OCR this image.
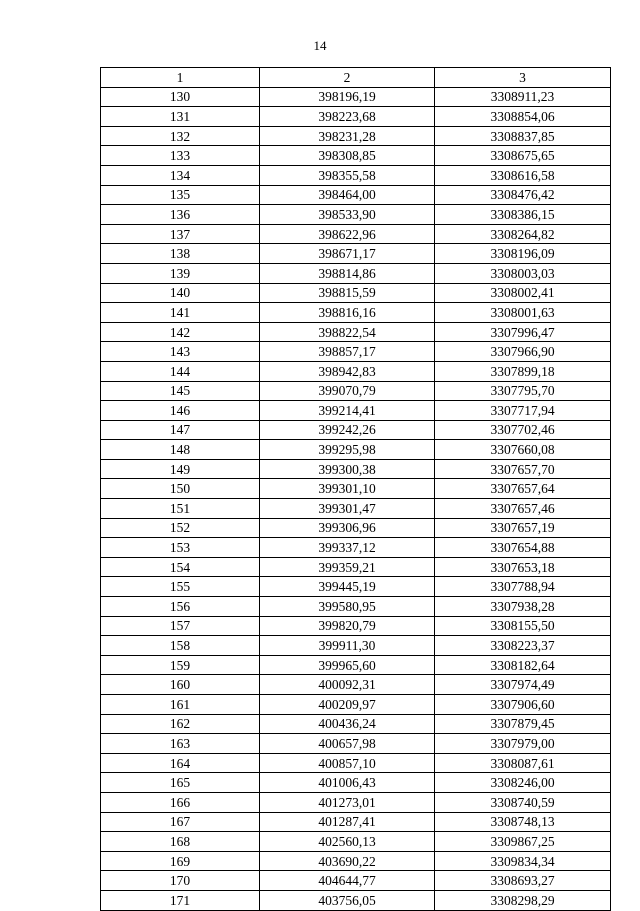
14
1	2	3
130	398196,19	3308911,23
131	398223,68	3308854,06
132	398231,28	3308837,85
133	398308,85	3308675,65
134	398355,58	3308616,58
135	398464,00	3308476,42
136	398533,90	3308386,15
137	398622,96	3308264,82
138	398671,17	3308196,09
139	398814,86	3308003,03
140	398815,59	3308002,41
141	398816,16	3308001,63
142	398822,54	3307996,47
143	398857,17	3307966,90
144	398942,83	3307899,18
145	399070,79	3307795,70
146	399214,41	3307717,94
147	399242,26	3307702,46
148	399295,98	3307660,08
149	399300,38	3307657,70
150	399301,10	3307657,64
151	399301,47	3307657,46
152	399306,96	3307657,19
153	399337,12	3307654,88
154	399359,21	3307653,18
155	399445,19	3307788,94
156	399580,95	3307938,28
157	399820,79	3308155,50
158	399911,30	3308223,37
159	399965,60	3308182,64
160	400092,31	3307974,49
161	400209,97	3307906,60
162	400436,24	3307879,45
163	400657,98	3307979,00
164	400857,10	3308087,61
165	401006,43	3308246,00
166	401273,01	3308740,59
167	401287,41	3308748,13
168	402560,13	3309867,25
169	403690,22	3309834,34
170	404644,77	3308693,27
171	403756,05	3308298,29
